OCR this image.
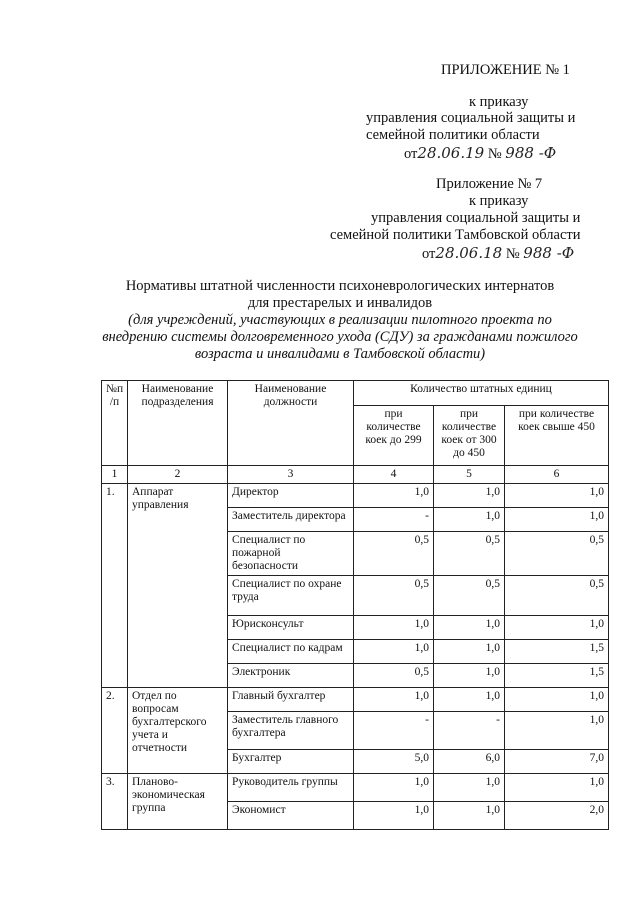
ПРИЛОЖЕНИЕ № 1
к приказу
управления социальной защиты и
семейной политики области
от28.06.19 № 988 -Ф
Приложение № 7
к приказу
управления социальной защиты и
семейной политики Тамбовской области
от28.06.18 № 988 -Ф
Нормативы штатной численности психоневрологических интернатов
для престарелых и инвалидов
(для учреждений, участвующих в реализации пилотного проекта по
внедрению системы долговременного ухода (СДУ) за гражданами пожилого
возраста и инвалидами в Тамбовской области)
№п /п	Наименование подразделения	Наименование должности	Количество штатных единиц		
			при количестве коек до 299	при количестве коек от 300 до 450	при количестве коек свыше 450
1	2	3	4	5	6
1.	Аппарат управления	Директор	1,0	1,0	1,0
		Заместитель директора	-	1,0	1,0
		Специалист по пожарной безопасности	0,5	0,5	0,5
		Специалист по охране труда	0,5	0,5	0,5
		Юрисконсульт	1,0	1,0	1,0
		Специалист по кадрам	1,0	1,0	1,5
		Электроник	0,5	1,0	1,5
2.	Отдел по вопросам бухгалтерского учета и отчетности	Главный бухгалтер	1,0	1,0	1,0
		Заместитель главного бухгалтера	-	-	1,0
		Бухгалтер	5,0	6,0	7,0
3.	Планово-экономическая группа	Руководитель группы	1,0	1,0	1,0
		Экономист	1,0	1,0	2,0
